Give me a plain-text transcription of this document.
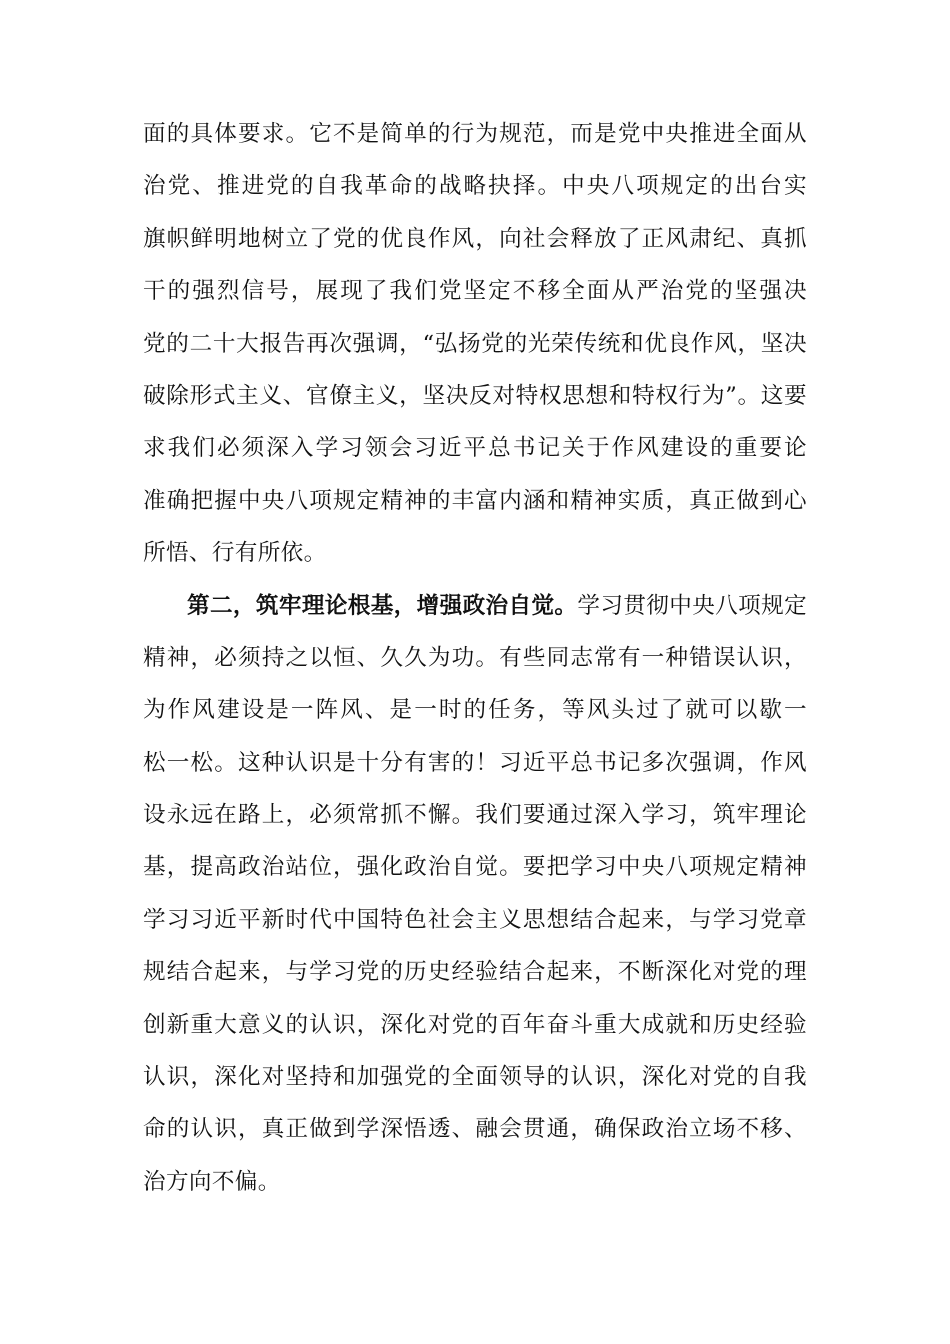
面的具体要求。它不是简单的行为规范，而是党中央推进全面从
治党、推进党的自我革命的战略抉择。中央八项规定的出台实
旗帜鲜明地树立了党的优良作风，向社会释放了正风肃纪、真抓
干的强烈信号，展现了我们党坚定不移全面从严治党的坚强决
党的二十大报告再次强调，“弘扬党的光荣传统和优良作风，坚决
破除形式主义、官僚主义，坚决反对特权思想和特权行为”。这要
求我们必须深入学习领会习近平总书记关于作风建设的重要论
准确把握中央八项规定精神的丰富内涵和精神实质，真正做到心
所悟、行有所依。
第二，筑牢理论根基，增强政治自觉。学习贯彻中央八项规定
精神，必须持之以恒、久久为功。有些同志常有一种错误认识，
为作风建设是一阵风、是一时的任务，等风头过了就可以歇一
松一松。这种认识是十分有害的！习近平总书记多次强调，作风
设永远在路上，必须常抓不懈。我们要通过深入学习，筑牢理论
基，提高政治站位，强化政治自觉。要把学习中央八项规定精神
学习习近平新时代中国特色社会主义思想结合起来，与学习党章
规结合起来，与学习党的历史经验结合起来，不断深化对党的理
创新重大意义的认识，深化对党的百年奋斗重大成就和历史经验
认识，深化对坚持和加强党的全面领导的认识，深化对党的自我
命的认识，真正做到学深悟透、融会贯通，确保政治立场不移、
治方向不偏。
